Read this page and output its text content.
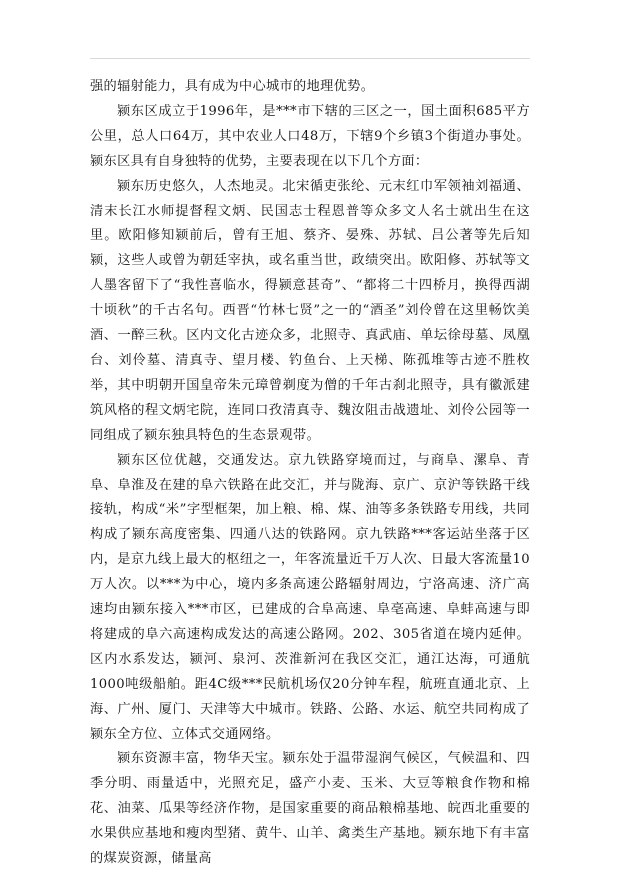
强的辐射能力，具有成为中心城市的地理优势。

颍东区成立于1996年，是***市下辖的三区之一，国土面积685平方公里，总人口64万，其中农业人口48万，下辖9个乡镇3个街道办事处。颍东区具有自身独特的优势，主要表现在以下几个方面：

颍东历史悠久，人杰地灵。北宋循吏张纶、元末红巾军领袖刘福通、清末长江水师提督程文炳、民国志士程恩普等众多文人名士就出生在这里。欧阳修知颍前后，曾有王旭、蔡齐、晏殊、苏轼、吕公著等先后知颍，这些人或曾为朝廷宰执，或名重当世，政绩突出。欧阳修、苏轼等文人墨客留下了“我性喜临水，得颍意甚奇”、“都将二十四桥月，换得西湖十顷秋”的千古名句。西晋“竹林七贤”之一的“酒圣”刘伶曾在这里畅饮美酒、一醉三秋。区内文化古迹众多，北照寺、真武庙、单坛徐母墓、凤凰台、刘伶墓、清真寺、望月楼、钓鱼台、上天梯、陈孤堆等古迹不胜枚举，其中明朝开国皇帝朱元璋曾剃度为僧的千年古刹北照寺，具有徽派建筑风格的程文炳宅院，连同口孜清真寺、魏汝阻击战遗址、刘伶公园等一同组成了颍东独具特色的生态景观带。

颍东区位优越，交通发达。京九铁路穿境而过，与商阜、漯阜、青阜、阜淮及在建的阜六铁路在此交汇，并与陇海、京广、京沪等铁路干线接轨，构成“米”字型框架，加上粮、棉、煤、油等多条铁路专用线，共同构成了颍东高度密集、四通八达的铁路网。京九铁路***客运站坐落于区内，是京九线上最大的枢纽之一，年客流量近千万人次、日最大客流量10万人次。以***为中心，境内多条高速公路辐射周边，宁洛高速、济广高速均由颍东接入***市区，已建成的合阜高速、阜亳高速、阜蚌高速与即将建成的阜六高速构成发达的高速公路网。202、305省道在境内延伸。区内水系发达，颍河、泉河、茨淮新河在我区交汇，通江达海，可通航1000吨级船舶。距4C级***民航机场仅20分钟车程，航班直通北京、上海、广州、厦门、天津等大中城市。铁路、公路、水运、航空共同构成了颍东全方位、立体式交通网络。

颍东资源丰富，物华天宝。颍东处于温带湿润气候区，气候温和、四季分明、雨量适中，光照充足，盛产小麦、玉米、大豆等粮食作物和棉花、油菜、瓜果等经济作物，是国家重要的商品粮棉基地、皖西北重要的水果供应基地和瘦肉型猪、黄牛、山羊、禽类生产基地。颍东地下有丰富的煤炭资源，储量高
